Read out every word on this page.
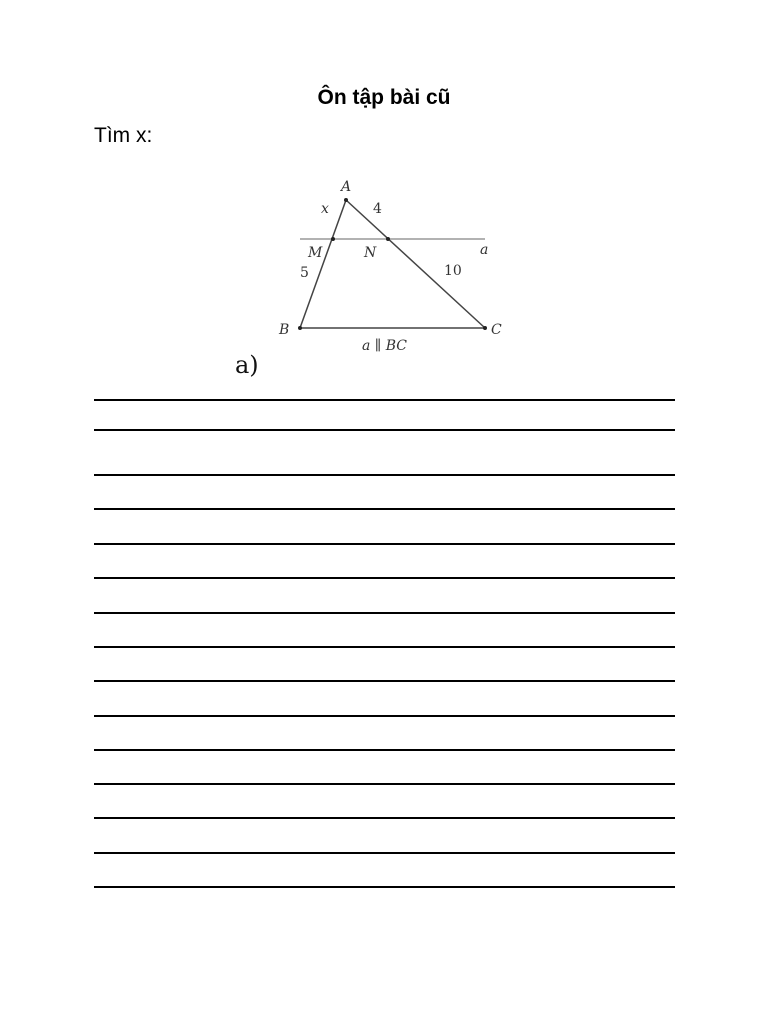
Ôn tập bài cũ
Tìm x:
A
x	4
M	N	a
5	10
B	C
a ∥ BC
a)
